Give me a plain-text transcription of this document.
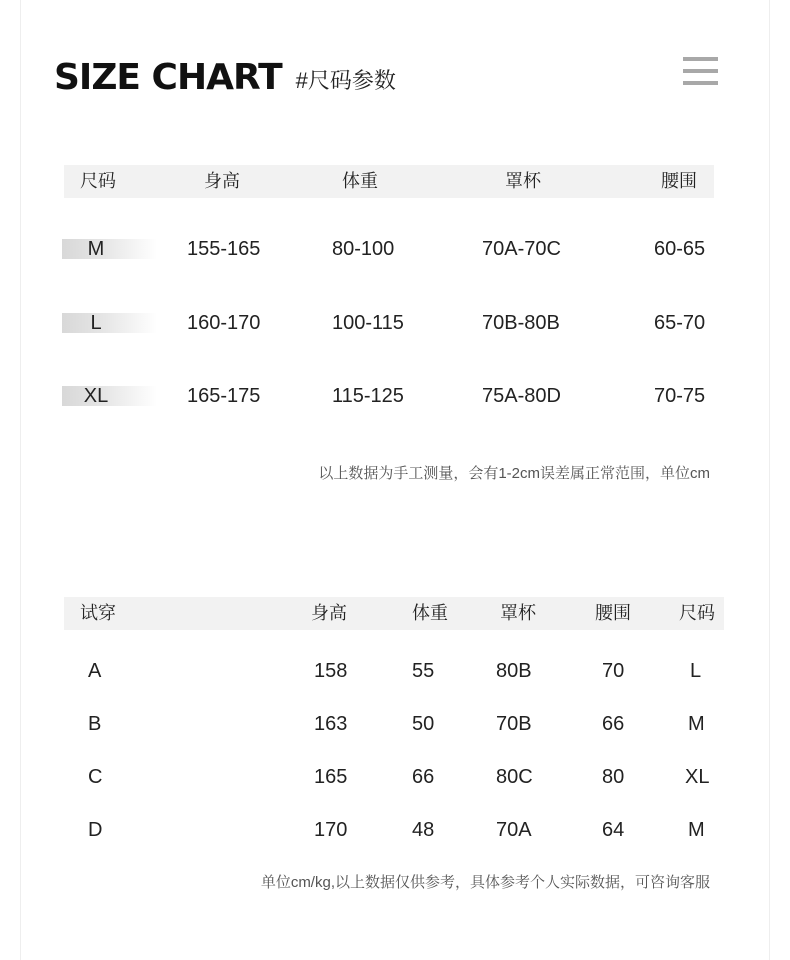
SIZE CHART #尺码参数
尺码	身高	体重	罩杯	腰围
M	155-165	80-100	70A-70C	60-65
L	160-170	100-115	70B-80B	65-70
XL	165-175	115-125	75A-80D	70-75
以上数据为手工测量，会有1-2cm误差属正常范围，单位cm
试穿	身高	体重	罩杯	腰围	尺码
A	158	55	80B	70	L
B	163	50	70B	66	M
C	165	66	80C	80	XL
D	170	48	70A	64	M
单位cm/kg,以上数据仅供参考，具体参考个人实际数据，可咨询客服
